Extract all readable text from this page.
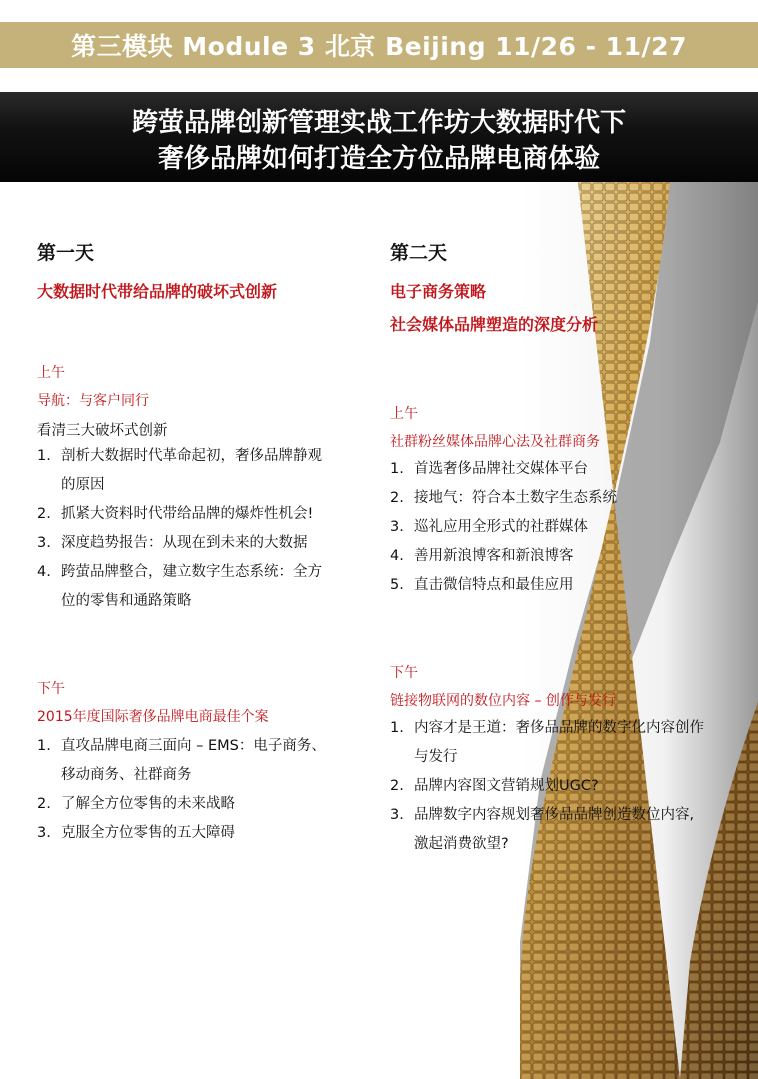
第三模块 Module 3 北京 Beijing 11/26 - 11/27
跨萤品牌创新管理实战工作坊大数据时代下
奢侈品牌如何打造全方位品牌电商体验
第一天
大数据时代带给品牌的破坏式创新
上午
导航：与客户同行
看清三大破坏式创新
1. 剖析大数据时代革命起初，奢侈品牌静观
的原因
2. 抓紧大资料时代带给品牌的爆炸性机会!
3. 深度趋势报告：从现在到未来的大数据
4. 跨萤品牌整合，建立数字生态系统：全方
位的零售和通路策略
下午
2015年度国际奢侈品牌电商最佳个案
1. 直攻品牌电商三面向 – EMS：电子商务、
移动商务、社群商务
2. 了解全方位零售的未来战略
3. 克服全方位零售的五大障碍
第二天
电子商务策略
社会媒体品牌塑造的深度分析
上午
社群粉丝媒体品牌心法及社群商务
1. 首选奢侈品牌社交媒体平台
2. 接地气：符合本土数字生态系统
3. 巡礼应用全形式的社群媒体
4. 善用新浪博客和新浪博客
5. 直击微信特点和最佳应用
下午
链接物联网的数位内容 – 创作与发行
1. 内容才是王道：奢侈品品牌的数字化内容创作
与发行
2. 品牌内容图文营销规划UGC?
3. 品牌数字内容规划奢侈品品牌创造数位内容,
激起消费欲望?
